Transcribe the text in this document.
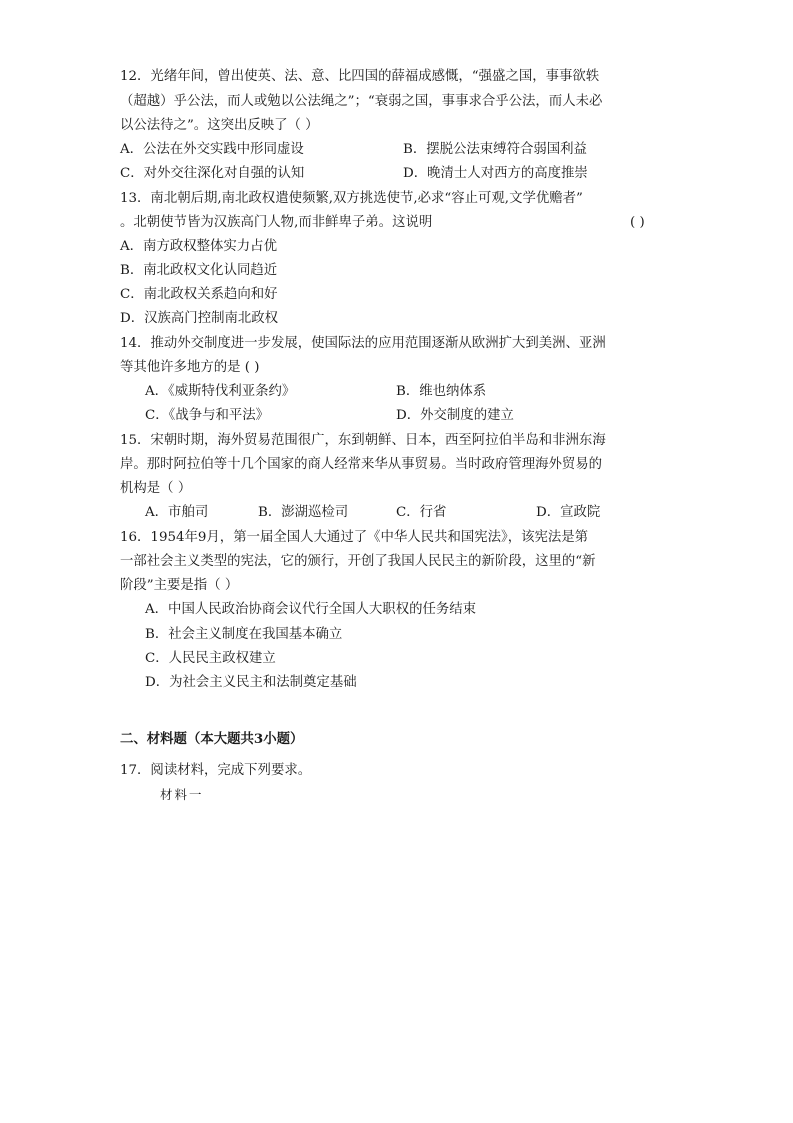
12．光绪年间，曾出使英、法、意、比四国的薛福成感慨，“强盛之国，事事欲轶
（超越）乎公法，而人或勉以公法绳之”；“衰弱之国，事事求合乎公法，而人未必
以公法待之”。这突出反映了（ ）
A．公法在外交实践中形同虚设	B．摆脱公法束缚符合弱国利益
C．对外交往深化对自强的认知	D．晚清士人对西方的高度推崇
13．南北朝后期,南北政权遣使频繁,双方挑选使节,必求“容止可观,文学优赡者”
。北朝使节皆为汉族高门人物,而非鲜卑子弟。这说明	( )
A．南方政权整体实力占优
B．南北政权文化认同趋近
C．南北政权关系趋向和好
D．汉族高门控制南北政权
14．推动外交制度进一步发展，使国际法的应用范围逐渐从欧洲扩大到美洲、亚洲
等其他许多地方的是 ( )
A．《威斯特伐利亚条约》	B．维也纳体系
C．《战争与和平法》	D．外交制度的建立
15．宋朝时期，海外贸易范围很广，东到朝鲜、日本，西至阿拉伯半岛和非洲东海
岸。那时阿拉伯等十几个国家的商人经常来华从事贸易。当时政府管理海外贸易的
机构是（ ）
A．市舶司	B．澎湖巡检司	C．行省	D．宣政院
16．1954年9月，第一届全国人大通过了《中华人民共和国宪法》，该宪法是第
一部社会主义类型的宪法，它的颁行，开创了我国人民民主的新阶段，这里的“新
阶段”主要是指（ ）
A．中国人民政治协商会议代行全国人大职权的任务结束
B．社会主义制度在我国基本确立
C．人民民主政权建立
D．为社会主义民主和法制奠定基础
二、材料题（本大题共3小题）
17．阅读材料，完成下列要求。
材料一
